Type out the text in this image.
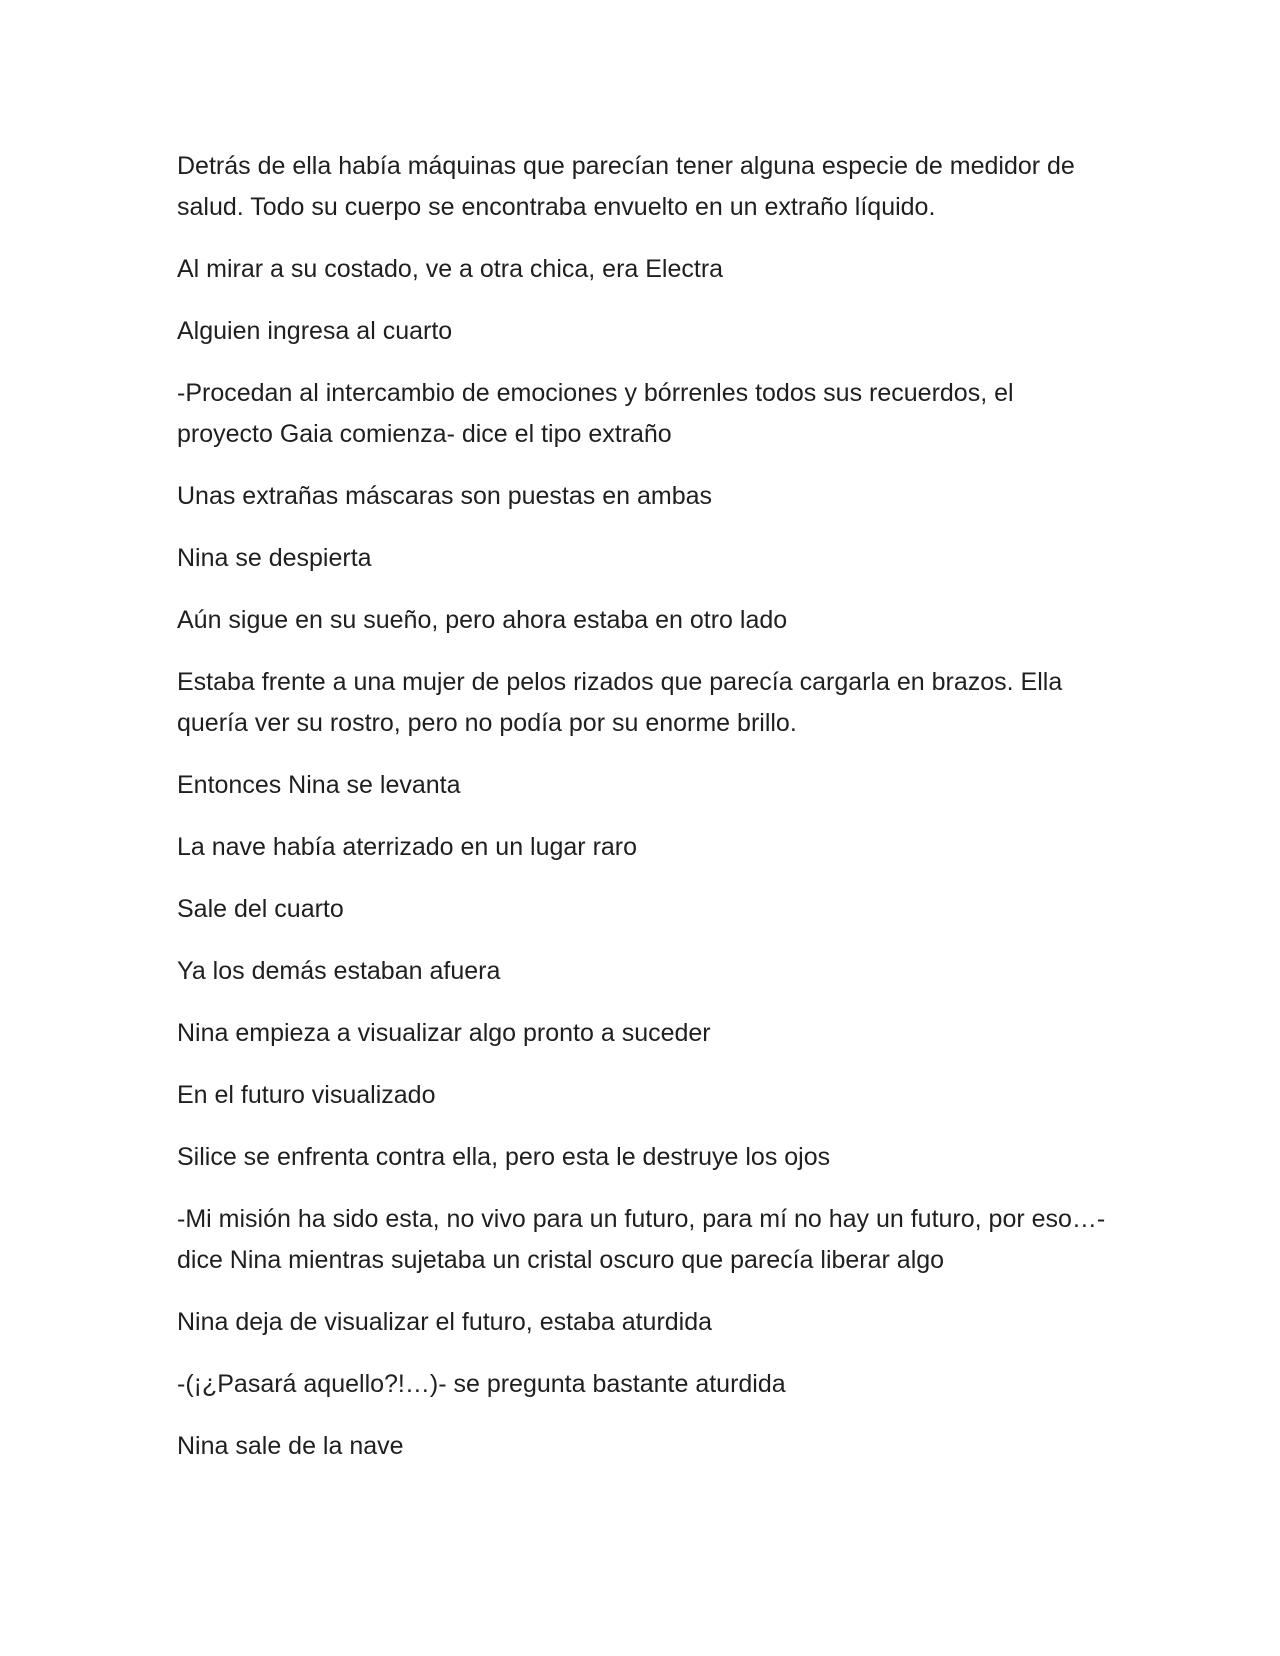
Detrás de ella había máquinas que parecían tener alguna especie de medidor de salud. Todo su cuerpo se encontraba envuelto en un extraño líquido.

Al mirar a su costado, ve a otra chica, era Electra

Alguien ingresa al cuarto

-Procedan al intercambio de emociones y bórrenles todos sus recuerdos, el proyecto Gaia comienza- dice el tipo extraño

Unas extrañas máscaras son puestas en ambas

Nina se despierta

Aún sigue en su sueño, pero ahora estaba en otro lado

Estaba frente a una mujer de pelos rizados que parecía cargarla en brazos. Ella quería ver su rostro, pero no podía por su enorme brillo.

Entonces Nina se levanta

La nave había aterrizado en un lugar raro

Sale del cuarto

Ya los demás estaban afuera

Nina empieza a visualizar algo pronto a suceder

En el futuro visualizado

Silice se enfrenta contra ella, pero esta le destruye los ojos

-Mi misión ha sido esta, no vivo para un futuro, para mí no hay un futuro, por eso…- dice Nina mientras sujetaba un cristal oscuro que parecía liberar algo

Nina deja de visualizar el futuro, estaba aturdida

-(¡¿Pasará aquello?!…)- se pregunta bastante aturdida

Nina sale de la nave
